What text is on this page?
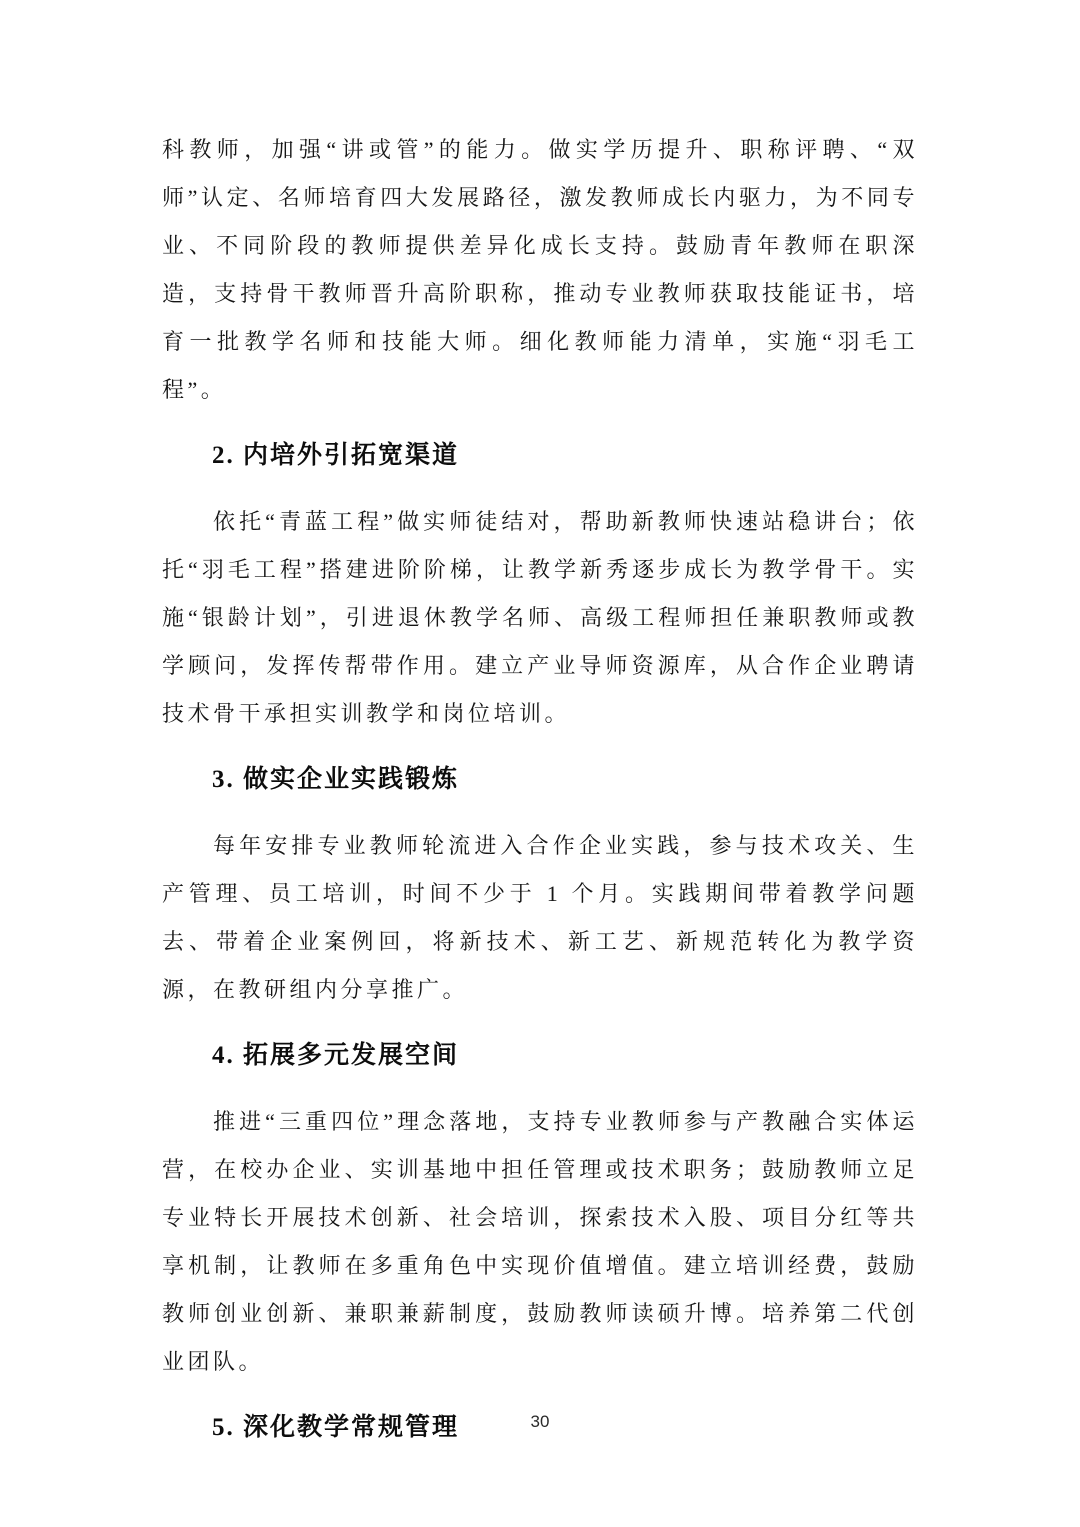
科教师，加强“讲或管”的能力。做实学历提升、职称评聘、“双师”认定、名师培育四大发展路径，激发教师成长内驱力，为不同专业、不同阶段的教师提供差异化成长支持。鼓励青年教师在职深造，支持骨干教师晋升高阶职称，推动专业教师获取技能证书，培育一批教学名师和技能大师。细化教师能力清单，实施“羽毛工程”。

2. 内培外引拓宽渠道

依托“青蓝工程”做实师徒结对，帮助新教师快速站稳讲台；依托“羽毛工程”搭建进阶阶梯，让教学新秀逐步成长为教学骨干。实施“银龄计划”，引进退休教学名师、高级工程师担任兼职教师或教学顾问，发挥传帮带作用。建立产业导师资源库，从合作企业聘请技术骨干承担实训教学和岗位培训。

3. 做实企业实践锻炼

每年安排专业教师轮流进入合作企业实践，参与技术攻关、生产管理、员工培训，时间不少于 1 个月。实践期间带着教学问题去、带着企业案例回，将新技术、新工艺、新规范转化为教学资源，在教研组内分享推广。

4. 拓展多元发展空间

推进“三重四位”理念落地，支持专业教师参与产教融合实体运营，在校办企业、实训基地中担任管理或技术职务；鼓励教师立足专业特长开展技术创新、社会培训，探索技术入股、项目分红等共享机制，让教师在多重角色中实现价值增值。建立培训经费，鼓励教师创业创新、兼职兼薪制度，鼓励教师读硕升博。培养第二代创业团队。

5. 深化教学常规管理	30
